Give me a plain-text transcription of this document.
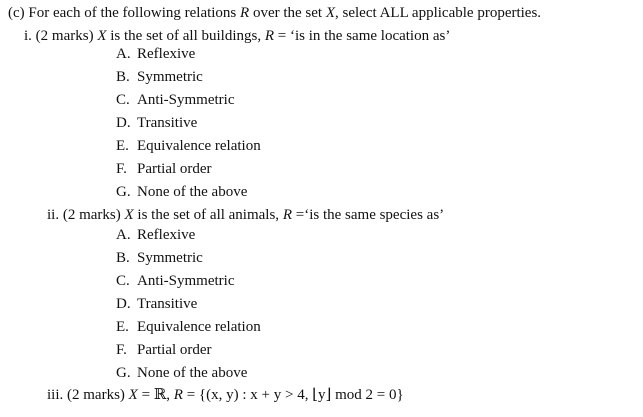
(c) For each of the following relations R over the set X, select ALL applicable properties.
i. (2 marks) X is the set of all buildings, R = ‘is in the same location as’
A. Reflexive
B. Symmetric
C. Anti-Symmetric
D. Transitive
E. Equivalence relation
F. Partial order
G. None of the above
ii. (2 marks) X is the set of all animals, R =‘is the same species as’
A. Reflexive
B. Symmetric
C. Anti-Symmetric
D. Transitive
E. Equivalence relation
F. Partial order
G. None of the above
iii. (2 marks) X = ℝ, R = {(x, y) : x + y > 4, ⌊y⌋ mod 2 = 0}
